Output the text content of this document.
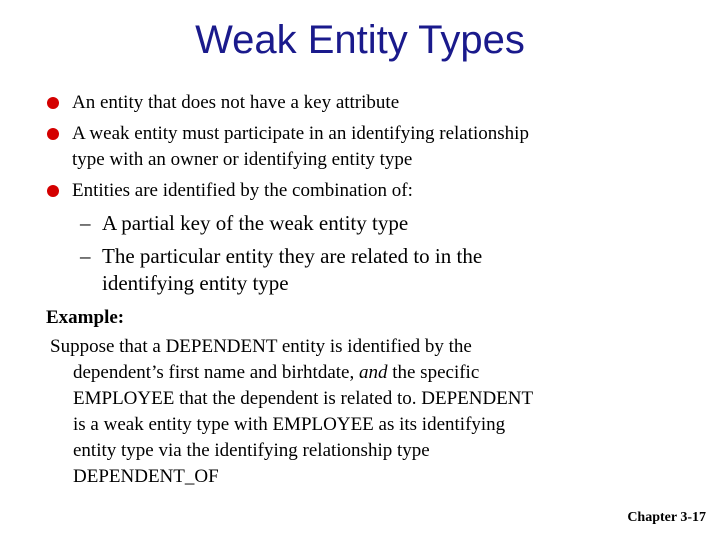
Weak Entity Types
An entity that does not have a key attribute
A weak entity must participate in an identifying relationship
type with an owner or identifying entity type
Entities are identified by the combination of:
– A partial key of the weak entity type
– The particular entity they are related to in the
identifying entity type
Example:
Suppose that a DEPENDENT entity is identified by the
dependent’s first name and birhtdate, and the specific
EMPLOYEE that the dependent is related to. DEPENDENT
is a weak entity type with EMPLOYEE as its identifying
entity type via the identifying relationship type
DEPENDENT_OF
Chapter 3-17
